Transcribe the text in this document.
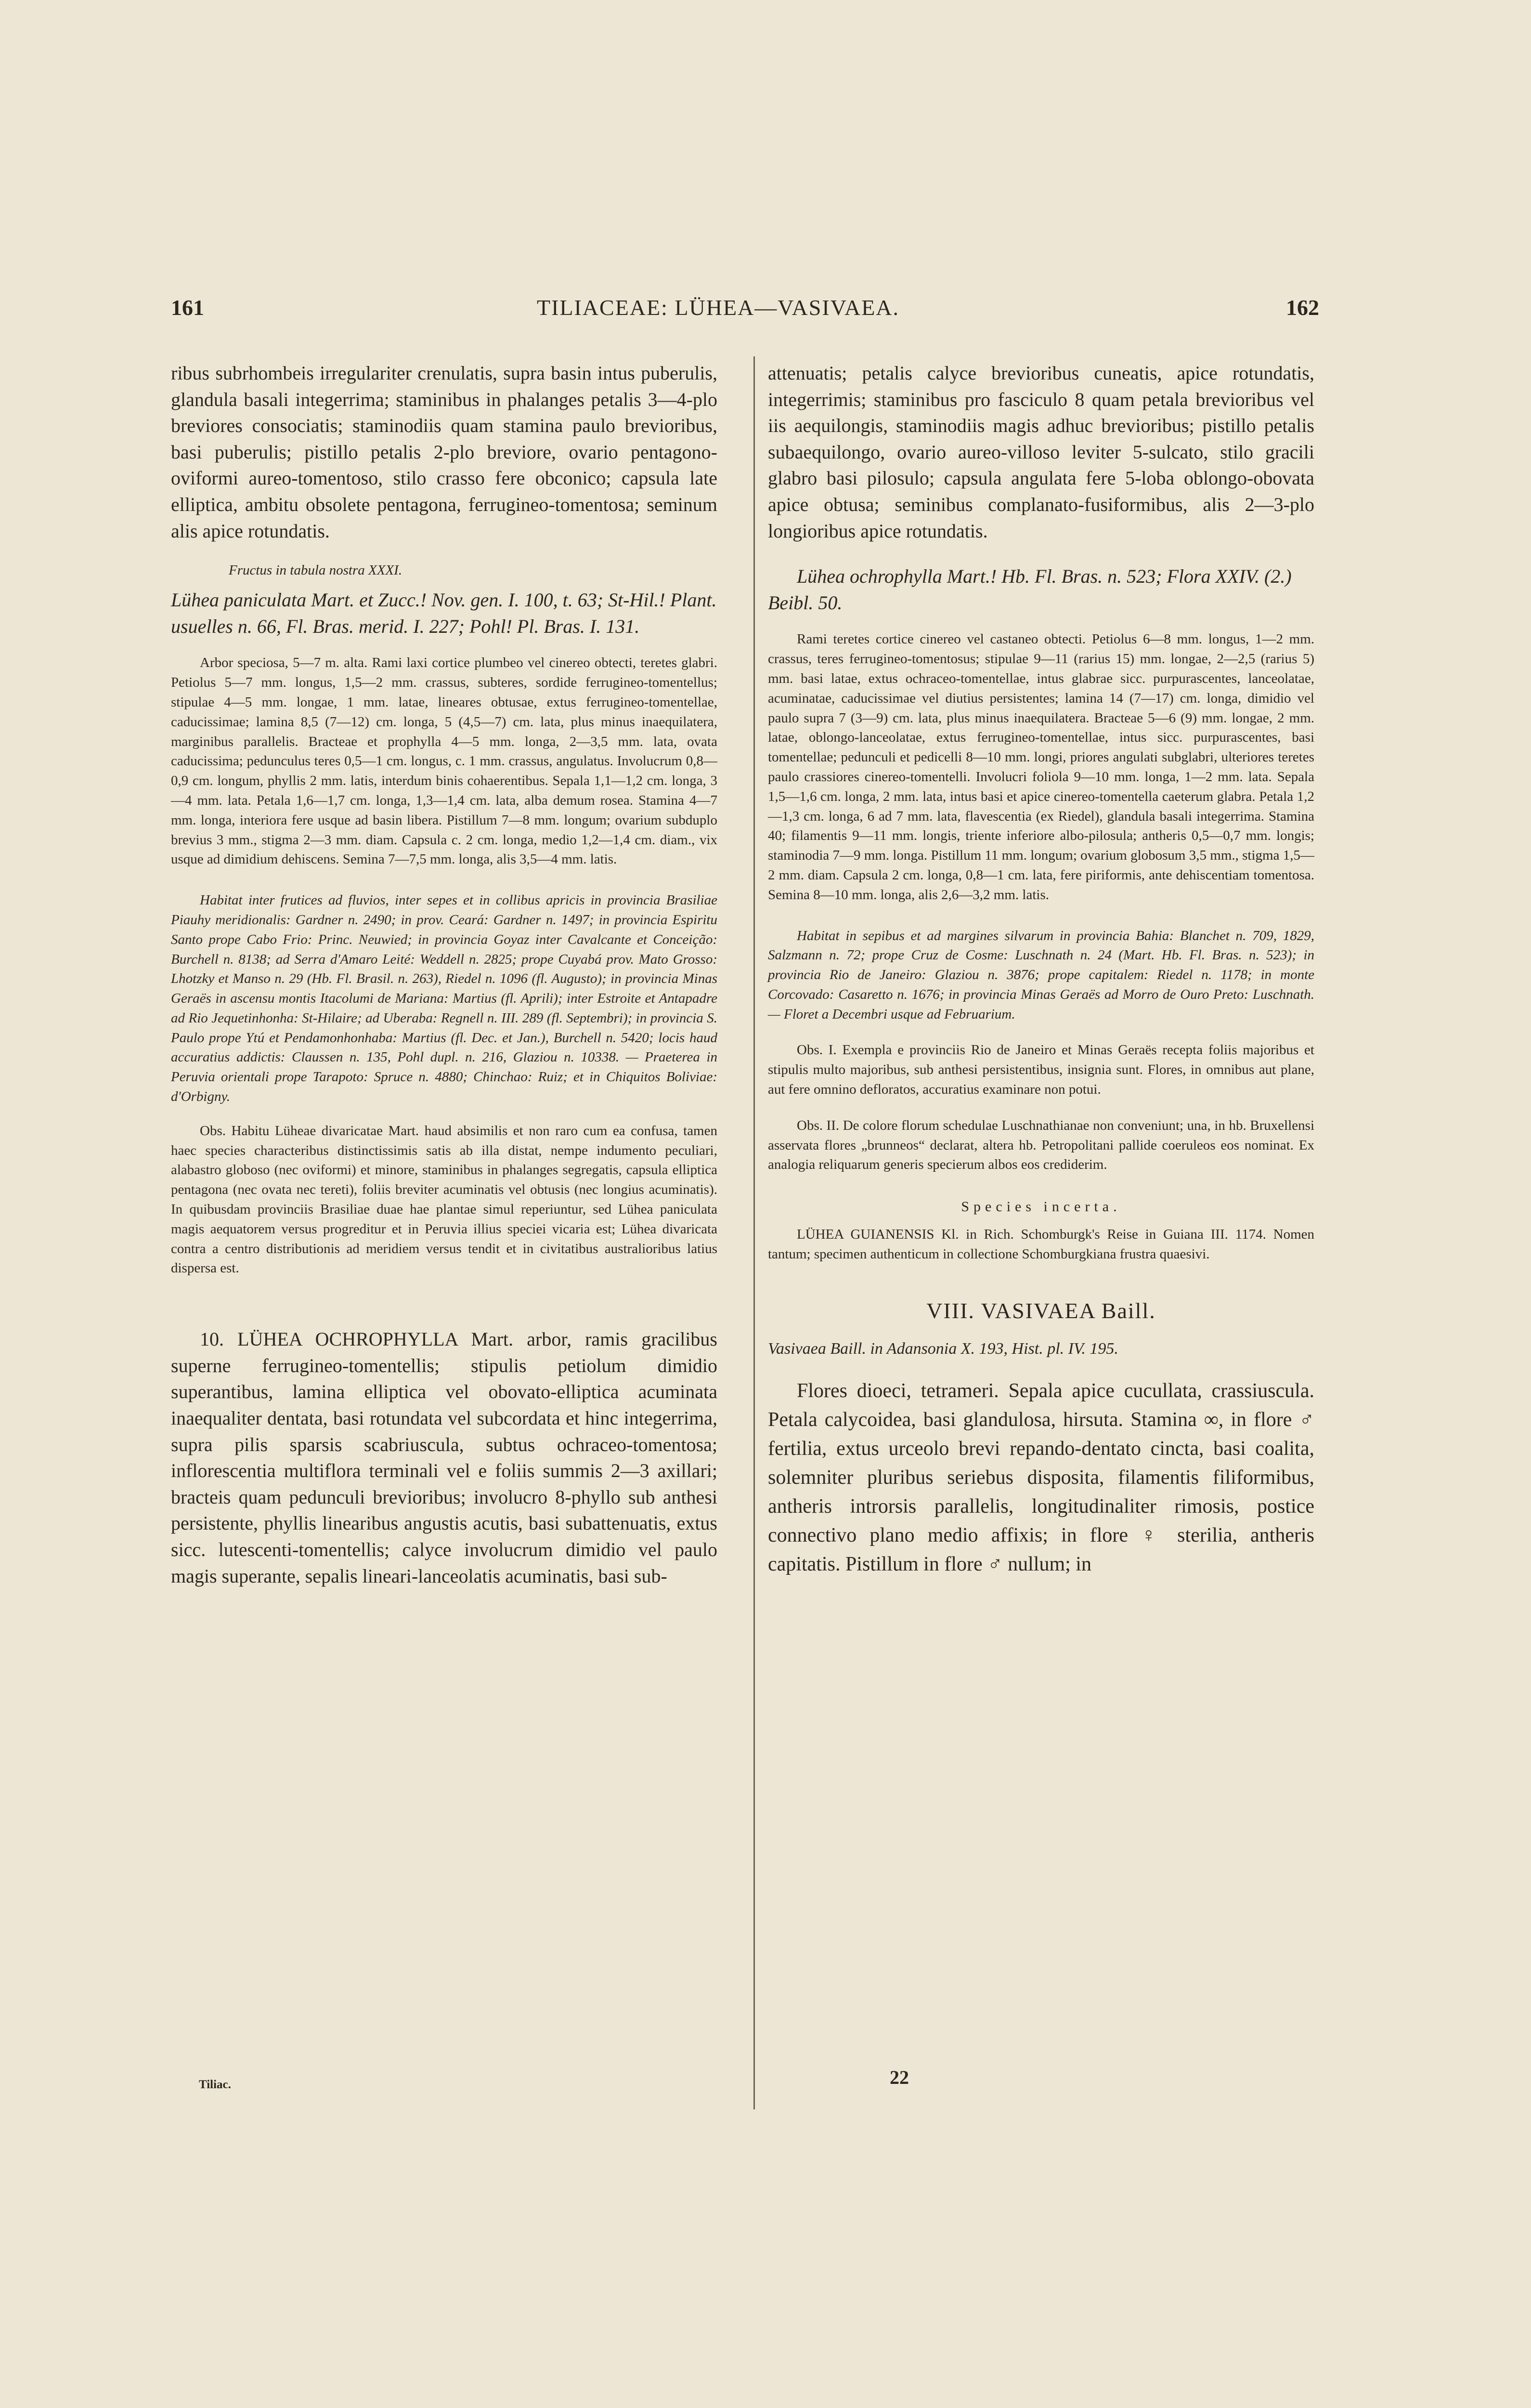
161	TILIACEAE: LÜHEA—VASIVAEA.	162

ribus subrhombeis irregulariter crenulatis, supra basin intus puberulis, glandula basali integerrima; staminibus in phalanges petalis 3—4-plo breviores consociatis; staminodiis quam stamina paulo brevioribus, basi puberulis; pistillo petalis 2-plo breviore, ovario pentagono-oviformi aureo-tomentoso, stilo crasso fere obconico; capsula late elliptica, ambitu obsolete pentagona, ferrugineo-tomentosa; seminum alis apice rotundatis.

Fructus in tabula nostra XXXI.

Lühea paniculata Mart. et Zucc.! Nov. gen. I. 100, t. 63; St-Hil.! Plant. usuelles n. 66, Fl. Bras. merid. I. 227; Pohl! Pl. Bras. I. 131.

Arbor speciosa, 5—7 m. alta. Rami laxi cortice plumbeo vel cinereo obtecti, teretes glabri. Petiolus 5—7 mm. longus, 1,5—2 mm. crassus, subteres, sordide ferrugineo-tomentellus; stipulae 4—5 mm. longae, 1 mm. latae, lineares obtusae, extus ferrugineo-tomentellae, caducissimae; lamina 8,5 (7—12) cm. longa, 5 (4,5—7) cm. lata, plus minus inaequilatera, marginibus parallelis. Bracteae et prophylla 4—5 mm. longa, 2—3,5 mm. lata, ovata caducissima; pedunculus teres 0,5—1 cm. longus, c. 1 mm. crassus, angulatus. Involucrum 0,8—0,9 cm. longum, phyllis 2 mm. latis, interdum binis cohaerentibus. Sepala 1,1—1,2 cm. longa, 3—4 mm. lata. Petala 1,6—1,7 cm. longa, 1,3—1,4 cm. lata, alba demum rosea. Stamina 4—7 mm. longa, interiora fere usque ad basin libera. Pistillum 7—8 mm. longum; ovarium subduplo brevius 3 mm., stigma 2—3 mm. diam. Capsula c. 2 cm. longa, medio 1,2—1,4 cm. diam., vix usque ad dimidium dehiscens. Semina 7—7,5 mm. longa, alis 3,5—4 mm. latis.

Habitat inter frutices ad fluvios, inter sepes et in collibus apricis in provincia Brasiliae Piauhy meridionalis: Gardner n. 2490; in prov. Ceará: Gardner n. 1497; in provincia Espiritu Santo prope Cabo Frio: Princ. Neuwied; in provincia Goyaz inter Cavalcante et Conceição: Burchell n. 8138; ad Serra d'Amaro Leité: Weddell n. 2825; prope Cuyabá prov. Mato Grosso: Lhotzky et Manso n. 29 (Hb. Fl. Brasil. n. 263), Riedel n. 1096 (fl. Augusto); in provincia Minas Geraës in ascensu montis Itacolumi de Mariana: Martius (fl. Aprili); inter Estroite et Antapadre ad Rio Jequetinhonha: St-Hilaire; ad Uberaba: Regnell n. III. 289 (fl. Septembri); in provincia S. Paulo prope Ytú et Pendamonhonhaba: Martius (fl. Dec. et Jan.), Burchell n. 5420; locis haud accuratius addictis: Claussen n. 135, Pohl dupl. n. 216, Glaziou n. 10338. — Praeterea in Peruvia orientali prope Tarapoto: Spruce n. 4880; Chinchao: Ruiz; et in Chiquitos Boliviae: d'Orbigny.

Obs. Habitu Lüheae divaricatae Mart. haud absimilis et non raro cum ea confusa, tamen haec species characteribus distinctissimis satis ab illa distat, nempe indumento peculiari, alabastro globoso (nec oviformi) et minore, staminibus in phalanges segregatis, capsula elliptica pentagona (nec ovata nec tereti), foliis breviter acuminatis vel obtusis (nec longius acuminatis). In quibusdam provinciis Brasiliae duae hae plantae simul reperiuntur, sed Lühea paniculata magis aequatorem versus progreditur et in Peruvia illius speciei vicaria est; Lühea divaricata contra a centro distributionis ad meridiem versus tendit et in civitatibus australioribus latius dispersa est.

10. LÜHEA OCHROPHYLLA Mart. arbor, ramis gracilibus superne ferrugineo-tomentellis; stipulis petiolum dimidio superantibus, lamina elliptica vel obovato-elliptica acuminata inaequaliter dentata, basi rotundata vel subcordata et hinc integerrima, supra pilis sparsis scabriuscula, subtus ochraceo-tomentosa; inflorescentia multiflora terminali vel e foliis summis 2—3 axillari; bracteis quam pedunculi brevioribus; involucro 8-phyllo sub anthesi persistente, phyllis linearibus angustis acutis, basi subattenuatis, extus sicc. lutescenti-tomentellis; calyce involucrum dimidio vel paulo magis superante, sepalis lineari-lanceolatis acuminatis, basi sub-

attenuatis; petalis calyce brevioribus cuneatis, apice rotundatis, integerrimis; staminibus pro fasciculo 8 quam petala brevioribus vel iis aequilongis, staminodiis magis adhuc brevioribus; pistillo petalis subaequilongo, ovario aureo-villoso leviter 5-sulcato, stilo gracili glabro basi pilosulo; capsula angulata fere 5-loba oblongo-obovata apice obtusa; seminibus complanato-fusiformibus, alis 2—3-plo longioribus apice rotundatis.

Lühea ochrophylla Mart.! Hb. Fl. Bras. n. 523; Flora XXIV. (2.) Beibl. 50.

Rami teretes cortice cinereo vel castaneo obtecti. Petiolus 6—8 mm. longus, 1—2 mm. crassus, teres ferrugineo-tomentosus; stipulae 9—11 (rarius 15) mm. longae, 2—2,5 (rarius 5) mm. basi latae, extus ochraceo-tomentellae, intus glabrae sicc. purpurascentes, lanceolatae, acuminatae, caducissimae vel diutius persistentes; lamina 14 (7—17) cm. longa, dimidio vel paulo supra 7 (3—9) cm. lata, plus minus inaequilatera. Bracteae 5—6 (9) mm. longae, 2 mm. latae, oblongo-lanceolatae, extus ferrugineo-tomentellae, intus sicc. purpurascentes, basi tomentellae; pedunculi et pedicelli 8—10 mm. longi, priores angulati subglabri, ulteriores teretes paulo crassiores cinereo-tomentelli. Involucri foliola 9—10 mm. longa, 1—2 mm. lata. Sepala 1,5—1,6 cm. longa, 2 mm. lata, intus basi et apice cinereo-tomentella caeterum glabra. Petala 1,2—1,3 cm. longa, 6 ad 7 mm. lata, flavescentia (ex Riedel), glandula basali integerrima. Stamina 40; filamentis 9—11 mm. longis, triente inferiore albo-pilosula; antheris 0,5—0,7 mm. longis; staminodia 7—9 mm. longa. Pistillum 11 mm. longum; ovarium globosum 3,5 mm., stigma 1,5—2 mm. diam. Capsula 2 cm. longa, 0,8—1 cm. lata, fere piriformis, ante dehiscentiam tomentosa. Semina 8—10 mm. longa, alis 2,6—3,2 mm. latis.

Habitat in sepibus et ad margines silvarum in provincia Bahia: Blanchet n. 709, 1829, Salzmann n. 72; prope Cruz de Cosme: Luschnath n. 24 (Mart. Hb. Fl. Bras. n. 523); in provincia Rio de Janeiro: Glaziou n. 3876; prope capitalem: Riedel n. 1178; in monte Corcovado: Casaretto n. 1676; in provincia Minas Geraës ad Morro de Ouro Preto: Luschnath. — Floret a Decembri usque ad Februarium.

Obs. I. Exempla e provinciis Rio de Janeiro et Minas Geraës recepta foliis majoribus et stipulis multo majoribus, sub anthesi persistentibus, insignia sunt. Flores, in omnibus aut plane, aut fere omnino defloratos, accuratius examinare non potui.

Obs. II. De colore florum schedulae Luschnathianae non conveniunt; una, in hb. Bruxellensi asservata flores „brunneos“ declarat, altera hb. Petropolitani pallide coeruleos eos nominat. Ex analogia reliquarum generis specierum albos eos crediderim.

Species incerta.

LÜHEA GUIANENSIS Kl. in Rich. Schomburgk's Reise in Guiana III. 1174. Nomen tantum; specimen authenticum in collectione Schomburgkiana frustra quaesivi.

VIII. VASIVAEA Baill.

Vasivaea Baill. in Adansonia X. 193, Hist. pl. IV. 195.

Flores dioeci, tetrameri. Sepala apice cucullata, crassiuscula. Petala calycoidea, basi glandulosa, hirsuta. Stamina ∞, in flore ♂ fertilia, extus urceolo brevi repando-dentato cincta, basi coalita, solemniter pluribus seriebus disposita, filamentis filiformibus, antheris introrsis parallelis, longitudinaliter rimosis, postice connectivo plano medio affixis; in flore ♀ sterilia, antheris capitatis. Pistillum in flore ♂ nullum; in

Tiliac.	22
